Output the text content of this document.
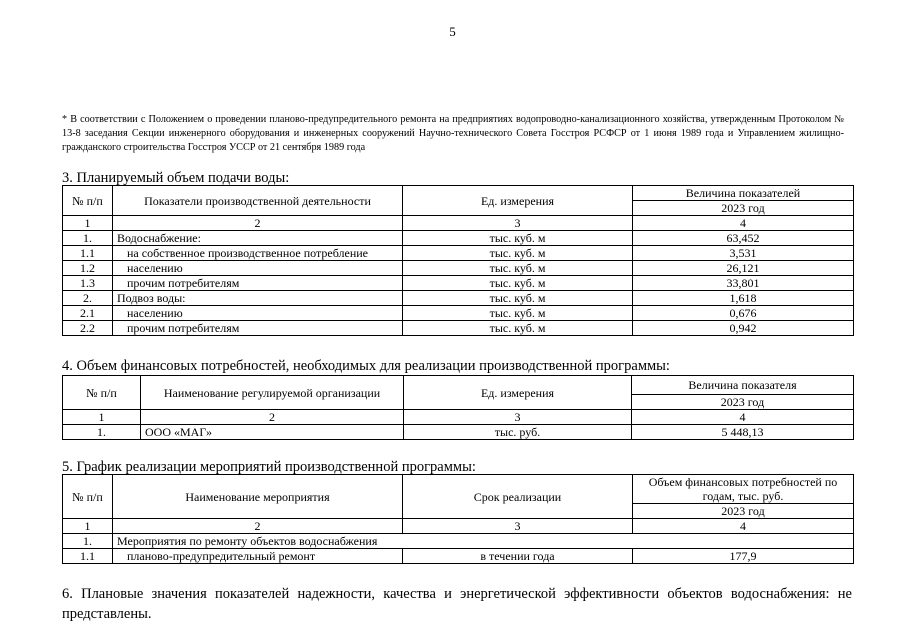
5
* В соответствии с Положением о проведении планово-предупредительного ремонта на предприятиях водопроводно-канализационного хозяйства, утвержденным Протоколом № 13-8 заседания Секции инженерного оборудования и инженерных сооружений Научно-технического Совета Госстроя РСФСР от 1 июня 1989 года и Управлением жилищно-гражданского строительства Госстроя УССР от 21 сентября 1989 года
3. Планируемый объем подачи воды:
№ п/п	Показатели производственной деятельности	Ед. измерения	Величина показателей
			2023 год
1	2	3	4
1.	Водоснабжение:	тыс. куб. м	63,452
1.1	на собственное производственное потребление	тыс. куб. м	3,531
1.2	населению	тыс. куб. м	26,121
1.3	прочим потребителям	тыс. куб. м	33,801
2.	Подвоз воды:	тыс. куб. м	1,618
2.1	населению	тыс. куб. м	0,676
2.2	прочим потребителям	тыс. куб. м	0,942
4. Объем финансовых потребностей, необходимых для реализации производственной программы:
№ п/п	Наименование регулируемой организации	Ед. измерения	Величина показателя
			2023 год
1	2	3	4
1.	ООО «МАГ»	тыс. руб.	5 448,13
5. График реализации мероприятий производственной программы:
№ п/п	Наименование мероприятия	Срок реализации	Объем финансовых потребностей по годам, тыс. руб.
			2023 год
1	2	3	4
1.	Мероприятия по ремонту объектов водоснабжения		
1.1	планово-предупредительный ремонт	в течении года	177,9
6. Плановые значения показателей надежности, качества и энергетической эффективности объектов водоснабжения: не представлены.
